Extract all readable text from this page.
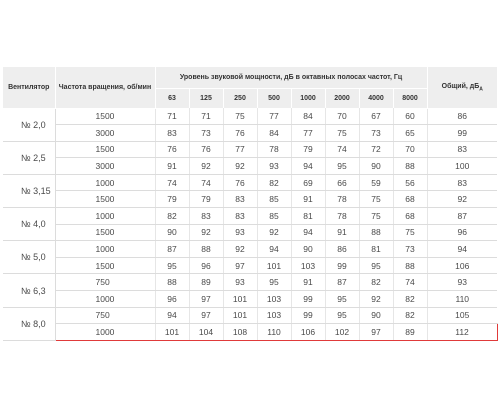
Вентилятор	Частота вращения, об/мин	Уровень звуковой мощности, дБ в октавных полосах частот, Гц								Общий, $дБ_А$
		63	125	250	500	1000	2000	4000	8000	
№ 2,0	1500	71	71	75	77	84	70	67	60	86
	3000	83	73	76	84	77	75	73	65	99
№ 2,5	1500	76	76	77	78	79	74	72	70	83
	3000	91	92	92	93	94	95	90	88	100
№ 3,15	1000	74	74	76	82	69	66	59	56	83
	1500	79	79	83	85	91	78	75	68	92
№ 4,0	1000	82	83	83	85	81	78	75	68	87
	1500	90	92	93	92	94	91	88	75	96
№ 5,0	1000	87	88	92	94	90	86	81	73	94
	1500	95	96	97	101	103	99	95	88	106
№ 6,3	750	88	89	93	95	91	87	82	74	93
	1000	96	97	101	103	99	95	92	82	110
№ 8,0	750	94	97	101	103	99	95	90	82	105
	1000	101	104	108	110	106	102	97	89	112
